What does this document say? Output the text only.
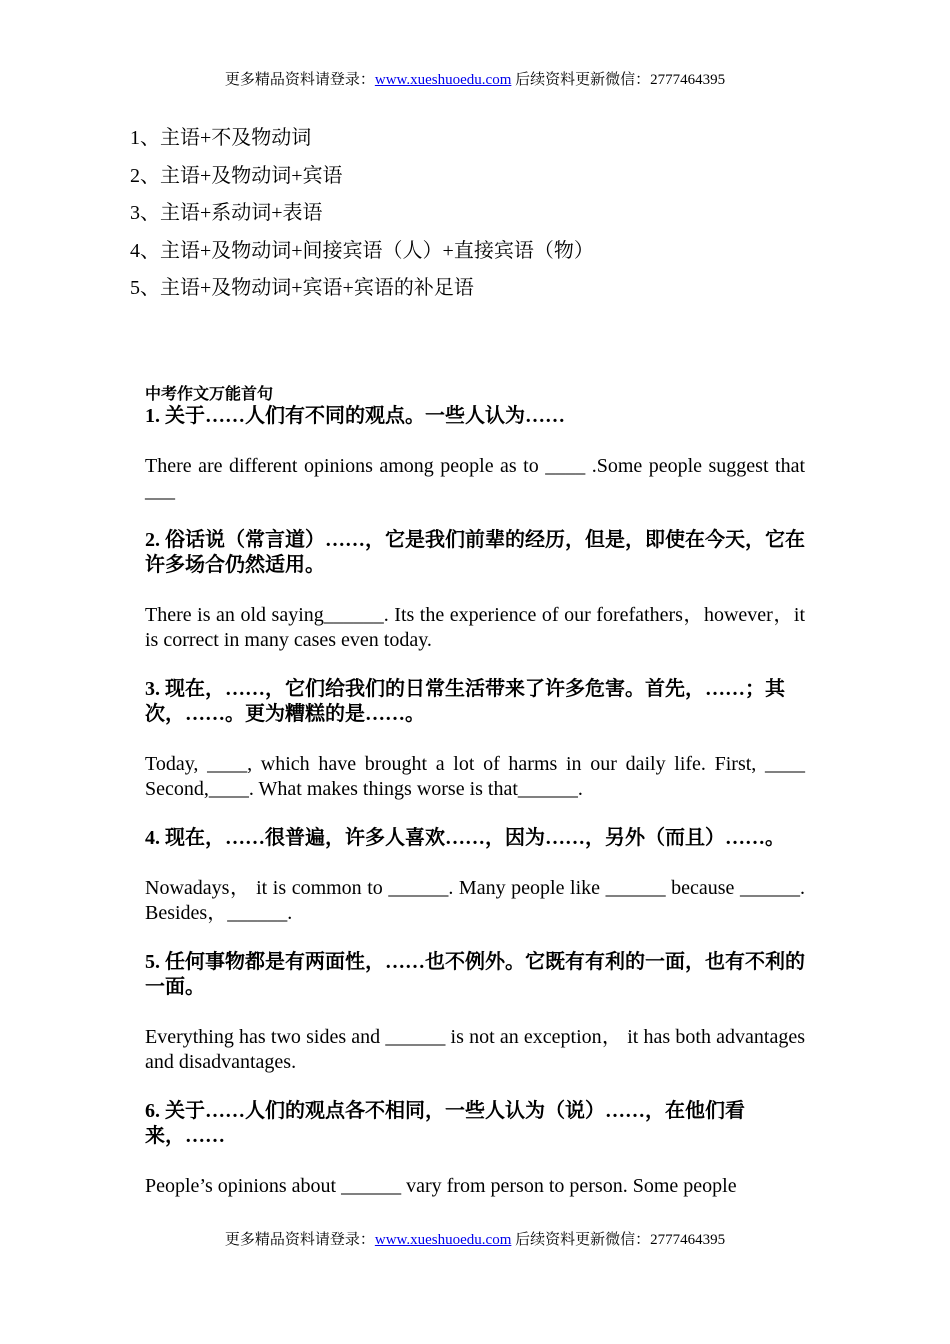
更多精品资料请登录：www.xueshuoedu.com 后续资料更新微信：2777464395
1、主语+不及物动词
2、主语+及物动词+宾语
3、主语+系动词+表语
4、主语+及物动词+间接宾语（人）+直接宾语（物）
5、主语+及物动词+宾语+宾语的补足语

中考作文万能首句

1. 关于……人们有不同的观点。一些人认为……

There are different opinions among people as to ____ .Some people suggest that ___

2. 俗话说（常言道）……，它是我们前辈的经历，但是，即使在今天，它在许多场合仍然适用。

There is an old saying______. Its the experience of our forefathers，however，it is correct in many cases even today.

3. 现在，……，它们给我们的日常生活带来了许多危害。首先，……；其次，……。更为糟糕的是……。

Today, ____, which have brought a lot of harms in our daily life. First, ____ Second,____. What makes things worse is that______.

4. 现在，……很普遍，许多人喜欢……，因为……，另外（而且）……。

Nowadays， it is common to ______. Many people like ______ because ______. Besides，______.

5. 任何事物都是有两面性，……也不例外。它既有有利的一面，也有不利的一面。

Everything has two sides and ______ is not an exception， it has both advantages and disadvantages.

6. 关于……人们的观点各不相同，一些人认为（说）……，在他们看来，……

People’s opinions about ______ vary from person to person. Some people

更多精品资料请登录：www.xueshuoedu.com 后续资料更新微信：2777464395
